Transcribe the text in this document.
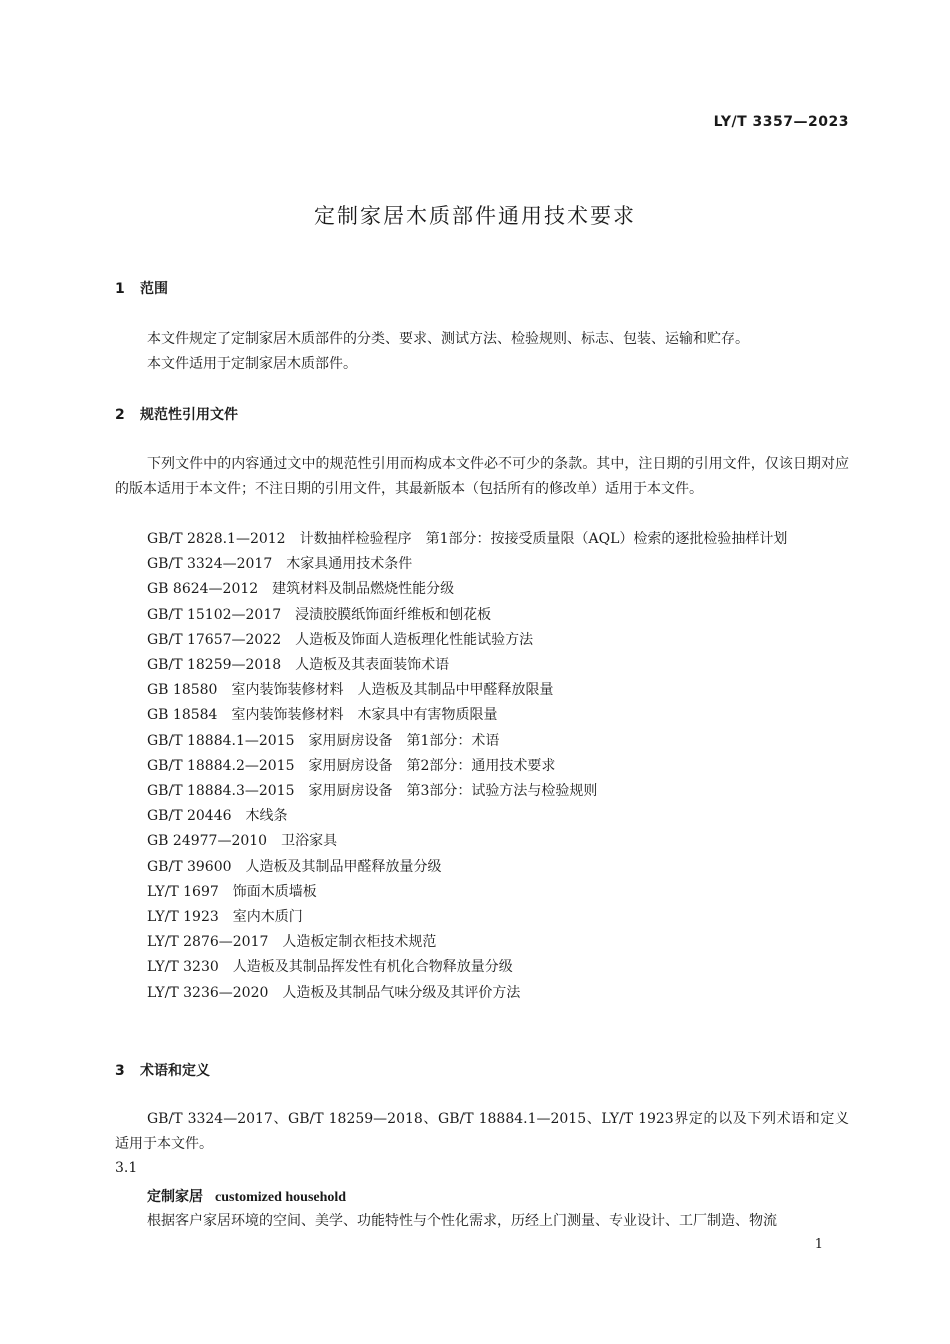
LY/T 3357—2023
定制家居木质部件通用技术要求
1 范围
本文件规定了定制家居木质部件的分类、要求、测试方法、检验规则、标志、包装、运输和贮存。
本文件适用于定制家居木质部件。
2 规范性引用文件
下列文件中的内容通过文中的规范性引用而构成本文件必不可少的条款。其中，注日期的引用文件，仅该日期对应的版本适用于本文件；不注日期的引用文件，其最新版本（包括所有的修改单）适用于本文件。
GB/T 2828.1—2012　计数抽样检验程序　第1部分：按接受质量限（AQL）检索的逐批检验抽样计划
GB/T 3324—2017　木家具通用技术条件
GB 8624—2012　建筑材料及制品燃烧性能分级
GB/T 15102—2017　浸渍胶膜纸饰面纤维板和刨花板
GB/T 17657—2022　人造板及饰面人造板理化性能试验方法
GB/T 18259—2018　人造板及其表面装饰术语
GB 18580　室内装饰装修材料　人造板及其制品中甲醛释放限量
GB 18584　室内装饰装修材料　木家具中有害物质限量
GB/T 18884.1—2015　家用厨房设备　第1部分：术语
GB/T 18884.2—2015　家用厨房设备　第2部分：通用技术要求
GB/T 18884.3—2015　家用厨房设备　第3部分：试验方法与检验规则
GB/T 20446　木线条
GB 24977—2010　卫浴家具
GB/T 39600　人造板及其制品甲醛释放量分级
LY/T 1697　饰面木质墙板
LY/T 1923　室内木质门
LY/T 2876—2017　人造板定制衣柜技术规范
LY/T 3230　人造板及其制品挥发性有机化合物释放量分级
LY/T 3236—2020　人造板及其制品气味分级及其评价方法
3 术语和定义
GB/T 3324—2017、GB/T 18259—2018、GB/T 18884.1—2015、LY/T 1923界定的以及下列术语和定义适用于本文件。
3.1
定制家居 customized household
根据客户家居环境的空间、美学、功能特性与个性化需求，历经上门测量、专业设计、工厂制造、物流
1
